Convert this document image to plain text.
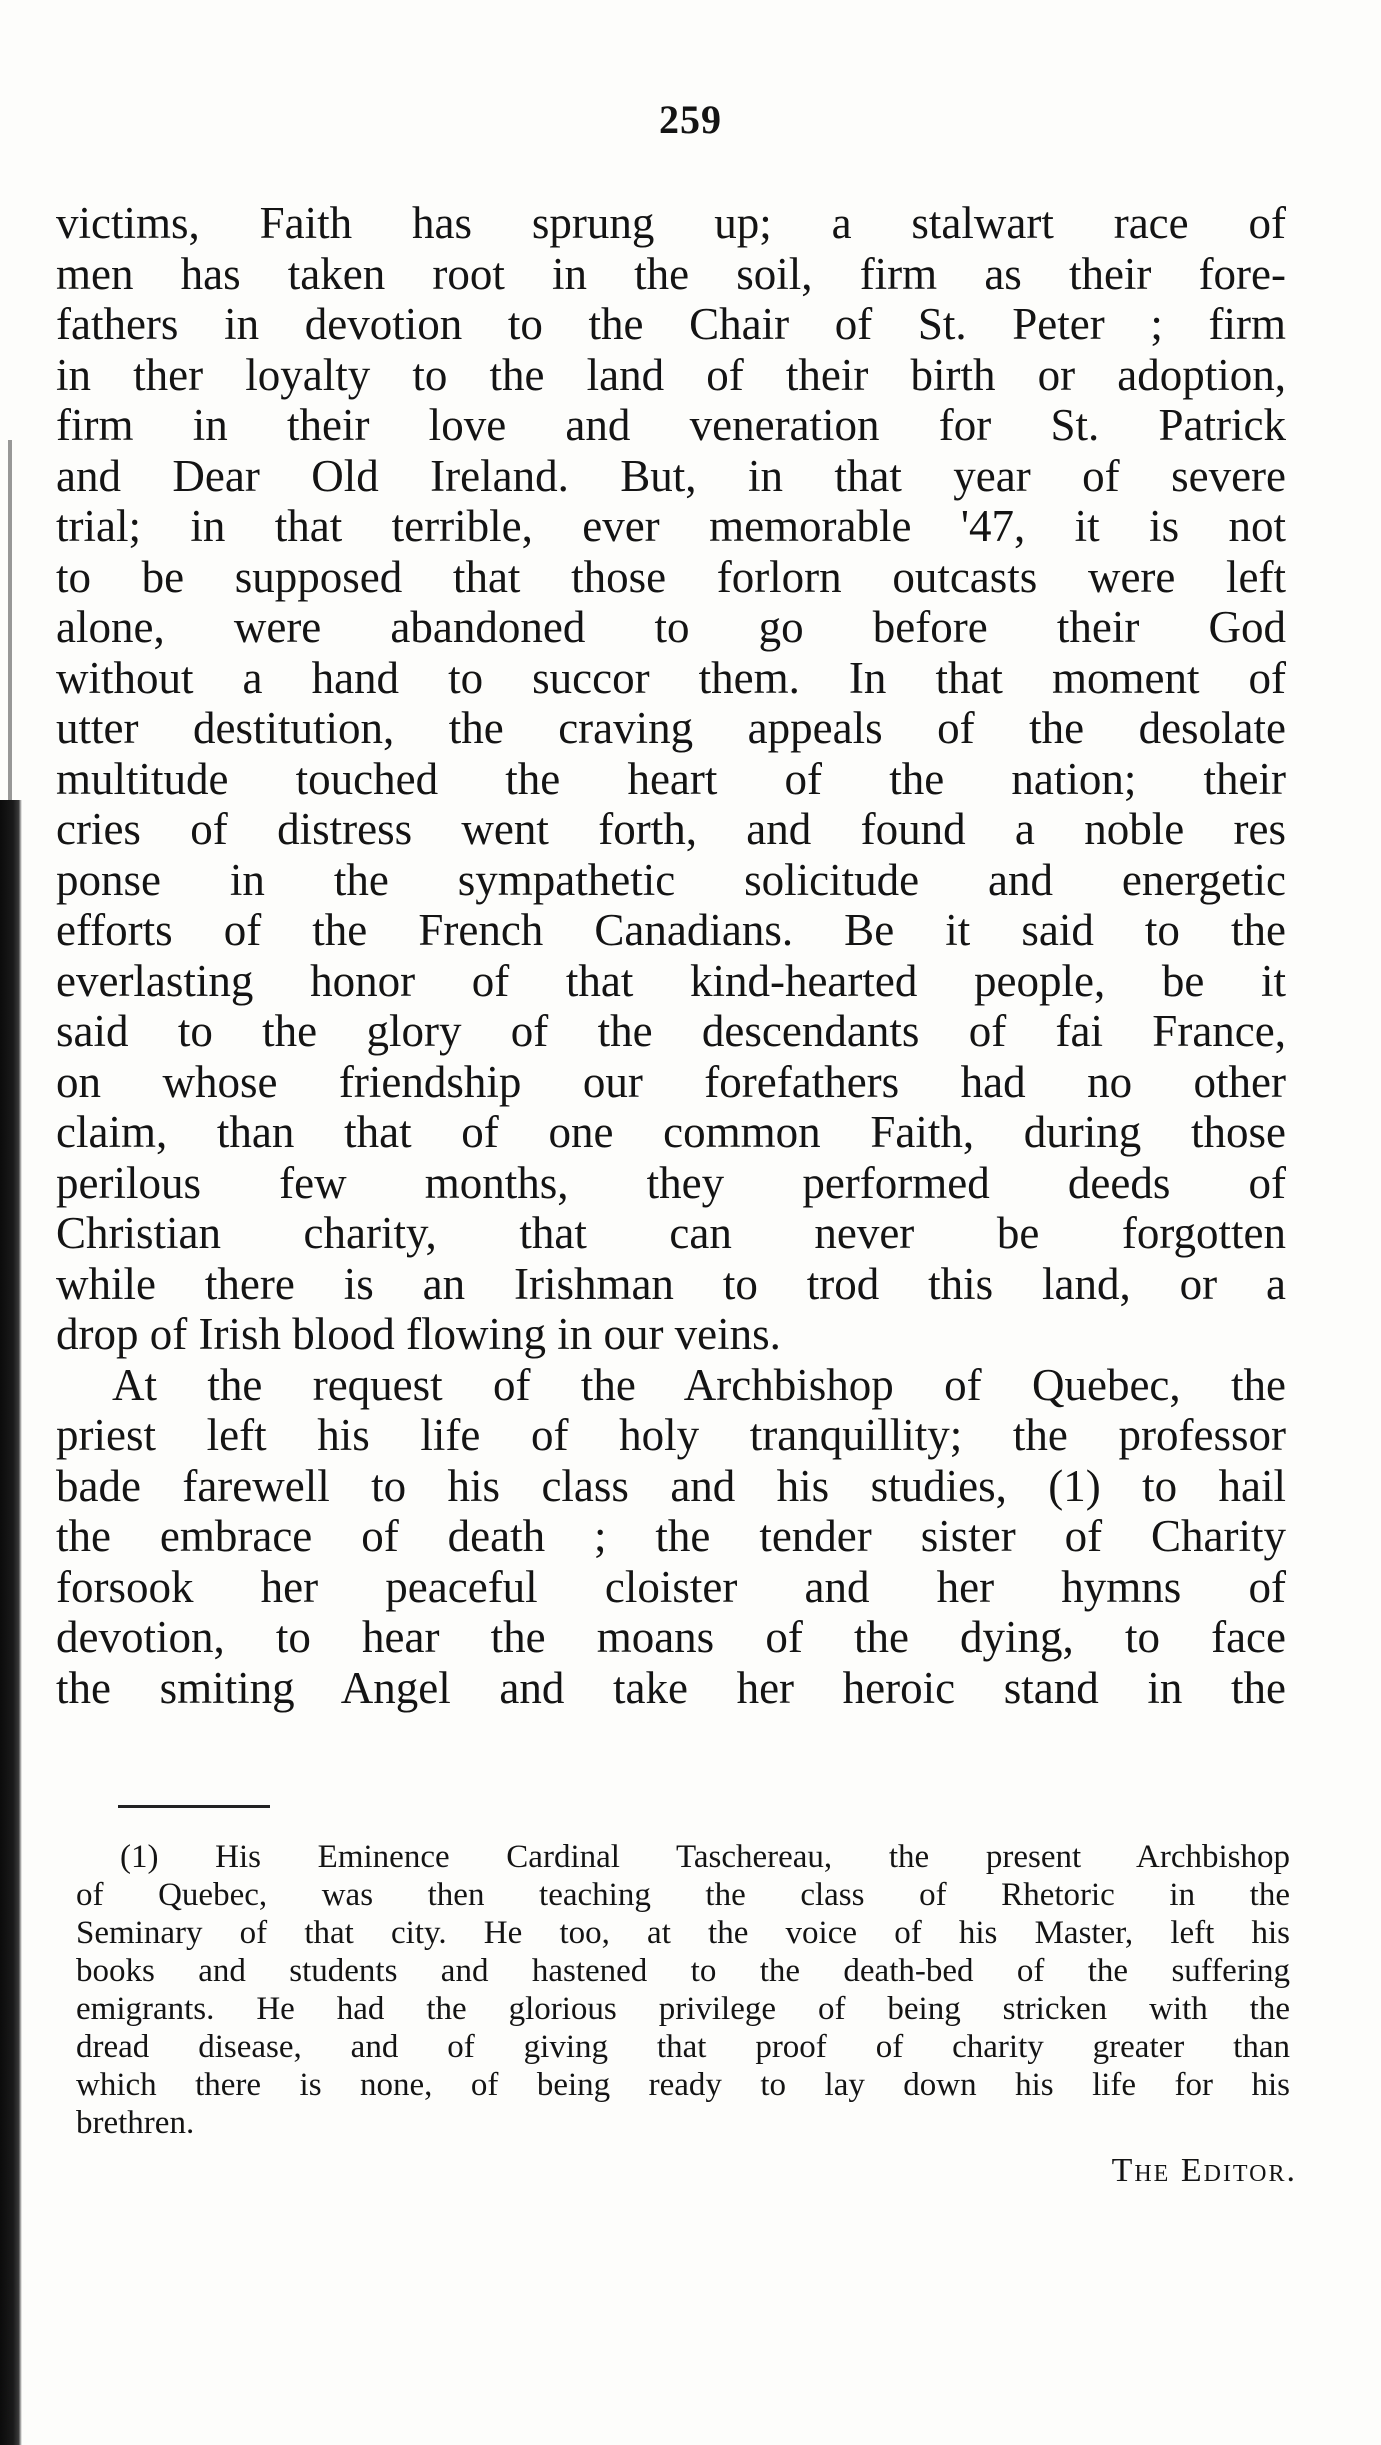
259
victims, Faith has sprung up; a stalwart race of
men has taken root in the soil, firm as their fore-
fathers in devotion to the Chair of St. Peter ; firm
in ther loyalty to the land of their birth or adoption,
firm in their love and veneration for St. Patrick
and Dear Old Ireland. But, in that year of severe
trial; in that terrible, ever memorable '47, it is not
to be supposed that those forlorn outcasts were left
alone, were abandoned to go before their God
without a hand to succor them. In that moment of
utter destitution, the craving appeals of the desolate
multitude touched the heart of the nation; their
cries of distress went forth, and found a noble res
ponse in the sympathetic solicitude and energetic
efforts of the French Canadians. Be it said to the
everlasting honor of that kind-hearted people, be it
said to the glory of the descendants of fai France,
on whose friendship our forefathers had no other
claim, than that of one common Faith, during those
perilous few months, they performed deeds of
Christian charity, that can never be forgotten
while there is an Irishman to trod this land, or a
drop of Irish blood flowing in our veins.
At the request of the Archbishop of Quebec, the
priest left his life of holy tranquillity; the professor
bade farewell to his class and his studies, (1) to hail
the embrace of death ; the tender sister of Charity
forsook her peaceful cloister and her hymns of
devotion, to hear the moans of the dying, to face
the smiting Angel and take her heroic stand in the
(1) His Eminence Cardinal Taschereau, the present Archbishop
of Quebec, was then teaching the class of Rhetoric in the
Seminary of that city. He too, at the voice of his Master, left his
books and students and hastened to the death-bed of the suffering
emigrants. He had the glorious privilege of being stricken with the
dread disease, and of giving that proof of charity greater than
which there is none, of being ready to lay down his life for his
brethren.
The Editor.
